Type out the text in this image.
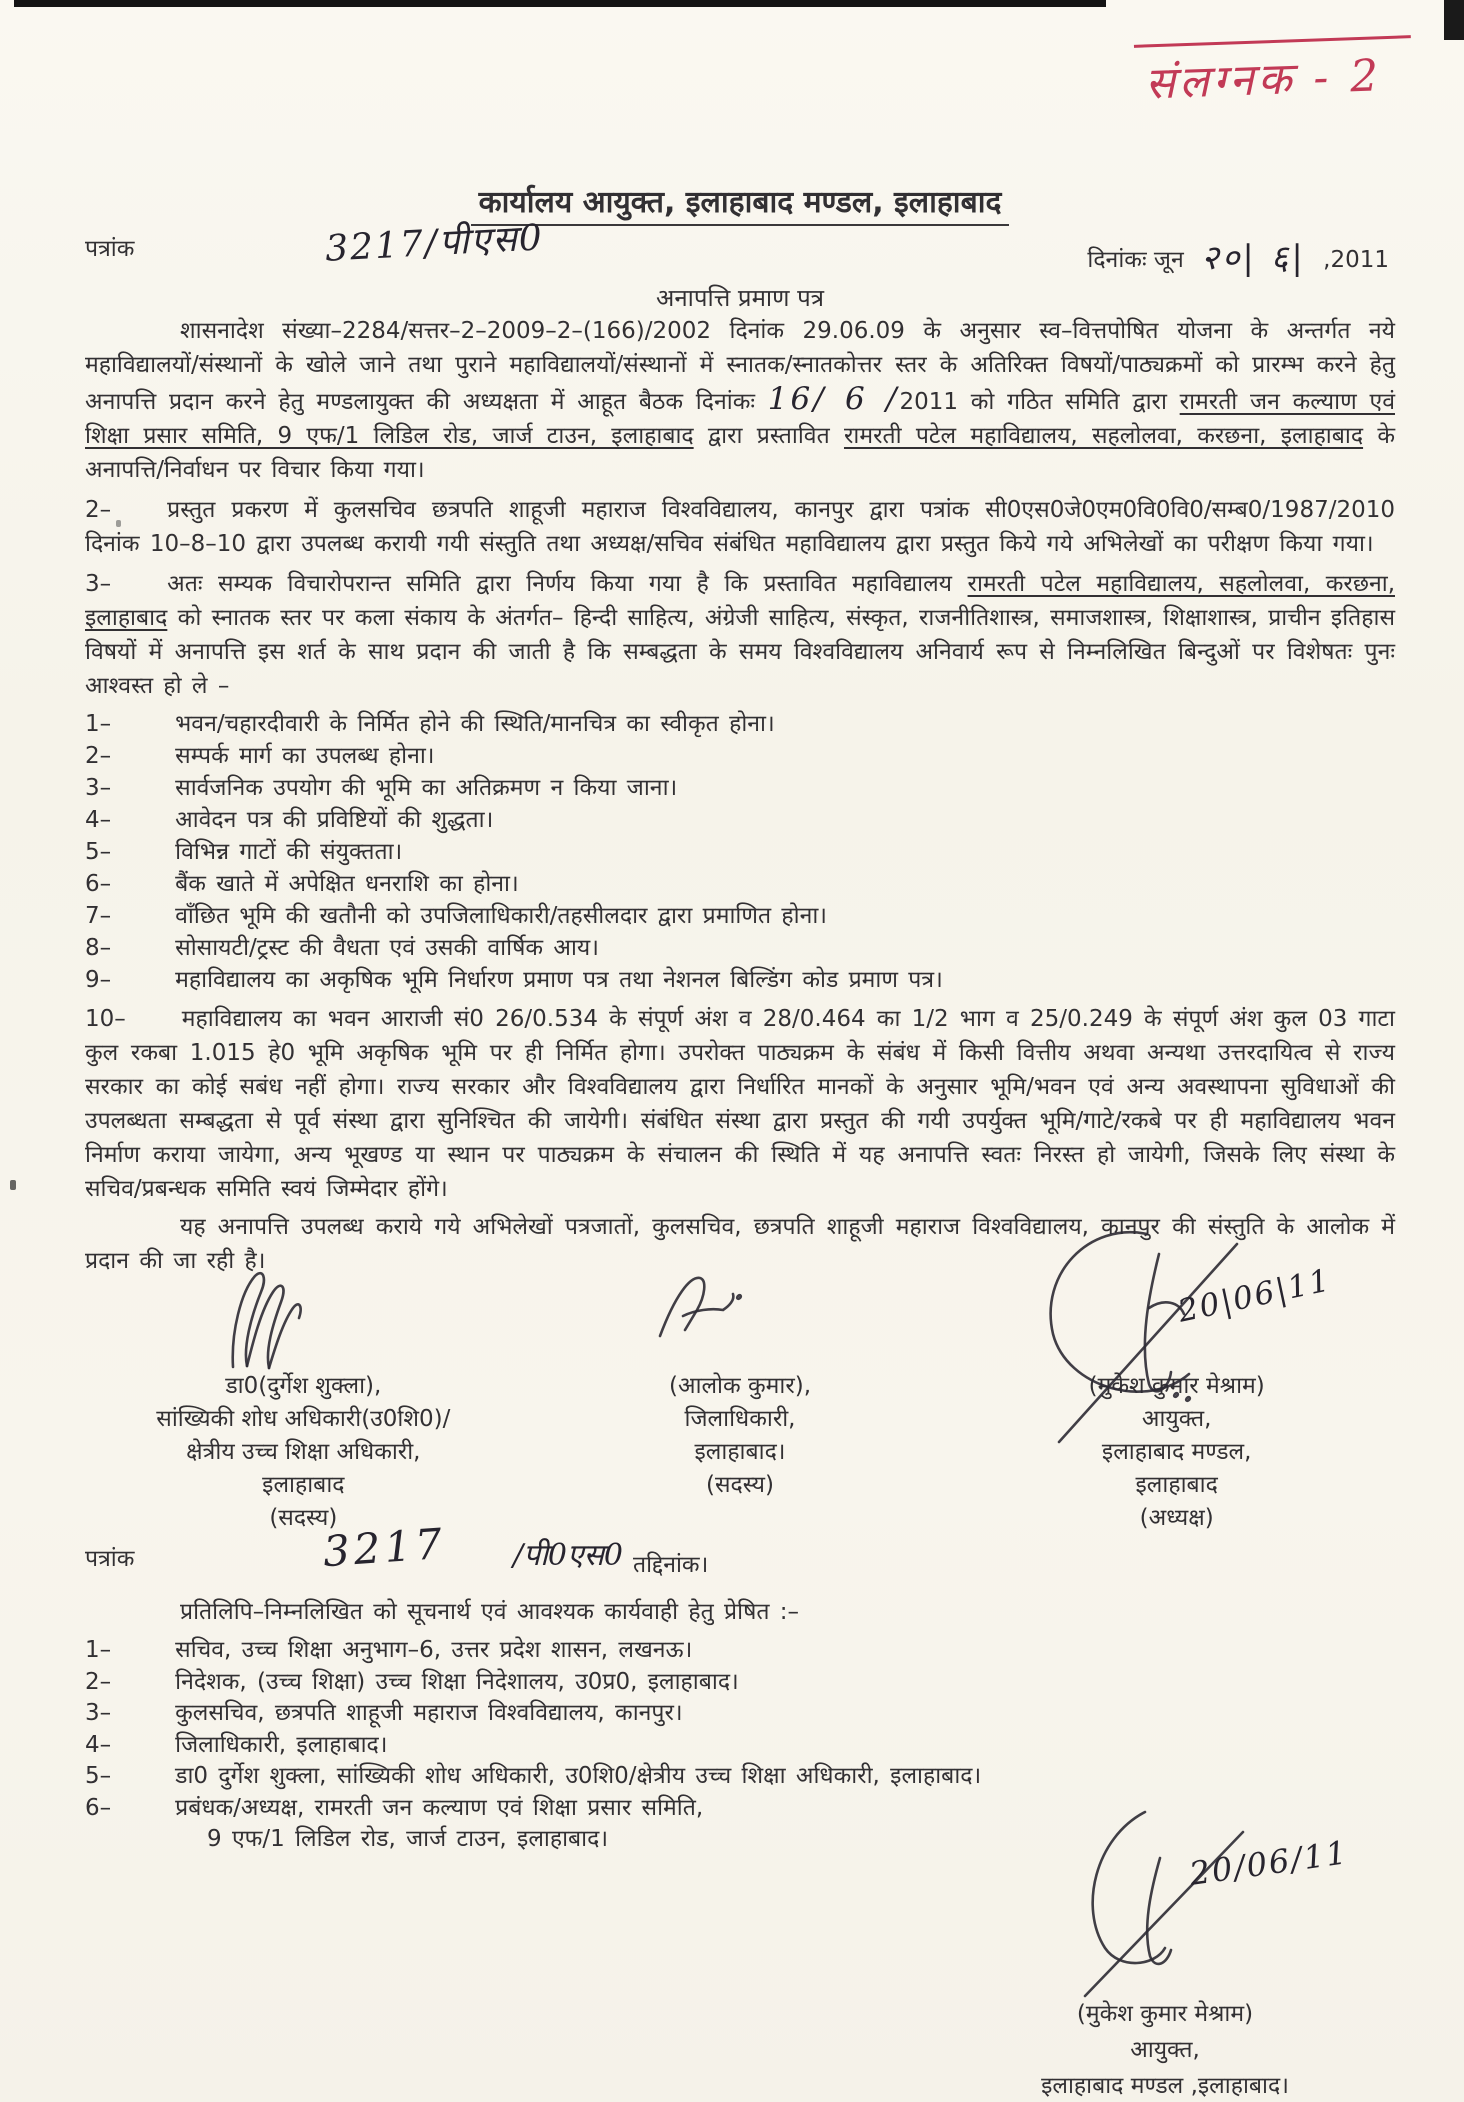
संलग्नक - 2
कार्यालय आयुक्त, इलाहाबाद मण्डल, इलाहाबाद
पत्रांक	3217/पीएस0	दिनांकः जून २०| ६| ,2011
अनापत्ति प्रमाण पत्र

शासनादेश संख्या–2284/सत्तर–2–2009–2–(166)/2002 दिनांक 29.06.09 के अनुसार स्व–वित्तपोषित योजना के अन्तर्गत नये महाविद्यालयों/संस्थानों के खोले जाने तथा पुराने महाविद्यालयों/संस्थानों में स्नातक/स्नातकोत्तर स्तर के अतिरिक्त विषयों/पाठ्यक्रमों को प्रारम्भ करने हेतु अनापत्ति प्रदान करने हेतु मण्डलायुक्त की अध्यक्षता में आहूत बैठक दिनांकः 16/ 6 /2011 को गठित समिति द्वारा रामरती जन कल्याण एवं शिक्षा प्रसार समिति, 9 एफ/1 लिडिल रोड, जार्ज टाउन, इलाहाबाद द्वारा प्रस्तावित रामरती पटेल महाविद्यालय, सहलोलवा, करछना, इलाहाबाद के अनापत्ति/निर्वाधन पर विचार किया गया।

2– प्रस्तुत प्रकरण में कुलसचिव छत्रपति शाहूजी महाराज विश्वविद्यालय, कानपुर द्वारा पत्रांक सी0एस0जे0एम0वि0वि0/सम्ब0/1987/2010 दिनांक 10–8–10 द्वारा उपलब्ध करायी गयी संस्तुति तथा अध्यक्ष/सचिव संबंधित महाविद्यालय द्वारा प्रस्तुत किये गये अभिलेखों का परीक्षण किया गया।

3– अतः सम्यक विचारोपरान्त समिति द्वारा निर्णय किया गया है कि प्रस्तावित महाविद्यालय रामरती पटेल महाविद्यालय, सहलोलवा, करछना, इलाहाबाद को स्नातक स्तर पर कला संकाय के अंतर्गत– हिन्दी साहित्य, अंग्रेजी साहित्य, संस्कृत, राजनीतिशास्त्र, समाजशास्त्र, शिक्षाशास्त्र, प्राचीन इतिहास विषयों में अनापत्ति इस शर्त के साथ प्रदान की जाती है कि सम्बद्धता के समय विश्वविद्यालय अनिवार्य रूप से निम्नलिखित बिन्दुओं पर विशेषतः पुनः आश्वस्त हो ले –

1–	भवन/चहारदीवारी के निर्मित होने की स्थिति/मानचित्र का स्वीकृत होना।

2–	सम्पर्क मार्ग का उपलब्ध होना।

3–	सार्वजनिक उपयोग की भूमि का अतिक्रमण न किया जाना।

4–	आवेदन पत्र की प्रविष्टियों की शुद्धता।

5–	विभिन्न गाटों की संयुक्तता।

6–	बैंक खाते में अपेक्षित धनराशि का होना।

7–	वाँछित भूमि की खतौनी को उपजिलाधिकारी/तहसीलदार द्वारा प्रमाणित होना।

8–	सोसायटी/ट्रस्ट की वैधता एवं उसकी वार्षिक आय।

9–	महाविद्यालय का अकृषिक भूमि निर्धारण प्रमाण पत्र तथा नेशनल बिल्डिंग कोड प्रमाण पत्र।

10– महाविद्यालय का भवन आराजी सं0 26/0.534 के संपूर्ण अंश व 28/0.464 का 1/2 भाग व 25/0.249 के संपूर्ण अंश कुल 03 गाटा कुल रकबा 1.015 हे0 भूमि अकृषिक भूमि पर ही निर्मित होगा। उपरोक्त पाठ्यक्रम के संबंध में किसी वित्तीय अथवा अन्यथा उत्तरदायित्व से राज्य सरकार का कोई सबंध नहीं होगा। राज्य सरकार और विश्वविद्यालय द्वारा निर्धारित मानकों के अनुसार भूमि/भवन एवं अन्य अवस्थापना सुविधाओं की उपलब्धता सम्बद्धता से पूर्व संस्था द्वारा सुनिश्चित की जायेगी। संबंधित संस्था द्वारा प्रस्तुत की गयी उपर्युक्त भूमि/गाटे/रकबे पर ही महाविद्यालय भवन निर्माण कराया जायेगा, अन्य भूखण्ड या स्थान पर पाठ्यक्रम के संचालन की स्थिति में यह अनापत्ति स्वतः निरस्त हो जायेगी, जिसके लिए संस्था के सचिव/प्रबन्धक समिति स्वयं जिम्मेदार होंगे।

यह अनापत्ति उपलब्ध कराये गये अभिलेखों पत्रजातों, कुलसचिव, छत्रपति शाहूजी महाराज विश्वविद्यालय, कानपुर की संस्तुति के आलोक में प्रदान की जा रही है।

20|06|11
डा0(दुर्गेश शुक्ला),
सांख्यिकी शोध अधिकारी(उ0शि0)/
क्षेत्रीय उच्च शिक्षा अधिकारी,
इलाहाबाद
(सदस्य)
(आलोक कुमार),
जिलाधिकारी,
इलाहाबाद।
(सदस्य)
(मुकेश कुमार मेश्राम)
आयुक्त,
इलाहाबाद मण्डल,
इलाहाबाद
(अध्यक्ष)
पत्रांक	3217 /पी0एस0 तद्दिनांक।

प्रतिलिपि–निम्नलिखित को सूचनार्थ एवं आवश्यक कार्यवाही हेतु प्रेषित :–

1–	सचिव, उच्च शिक्षा अनुभाग–6, उत्तर प्रदेश शासन, लखनऊ।

2–	निदेशक, (उच्च शिक्षा) उच्च शिक्षा निदेशालय, उ0प्र0, इलाहाबाद।

3–	कुलसचिव, छत्रपति शाहूजी महाराज विश्वविद्यालय, कानपुर।

4–	जिलाधिकारी, इलाहाबाद।

5–	डा0 दुर्गेश शुक्ला, सांख्यिकी शोध अधिकारी, उ0शि0/क्षेत्रीय उच्च शिक्षा अधिकारी, इलाहाबाद।

6–	प्रबंधक/अध्यक्ष, रामरती जन कल्याण एवं शिक्षा प्रसार समिति,

9 एफ/1 लिडिल रोड, जार्ज टाउन, इलाहाबाद।	20/06/11
(मुकेश कुमार मेश्राम)
आयुक्त,
इलाहाबाद मण्डल ,इलाहाबाद।
